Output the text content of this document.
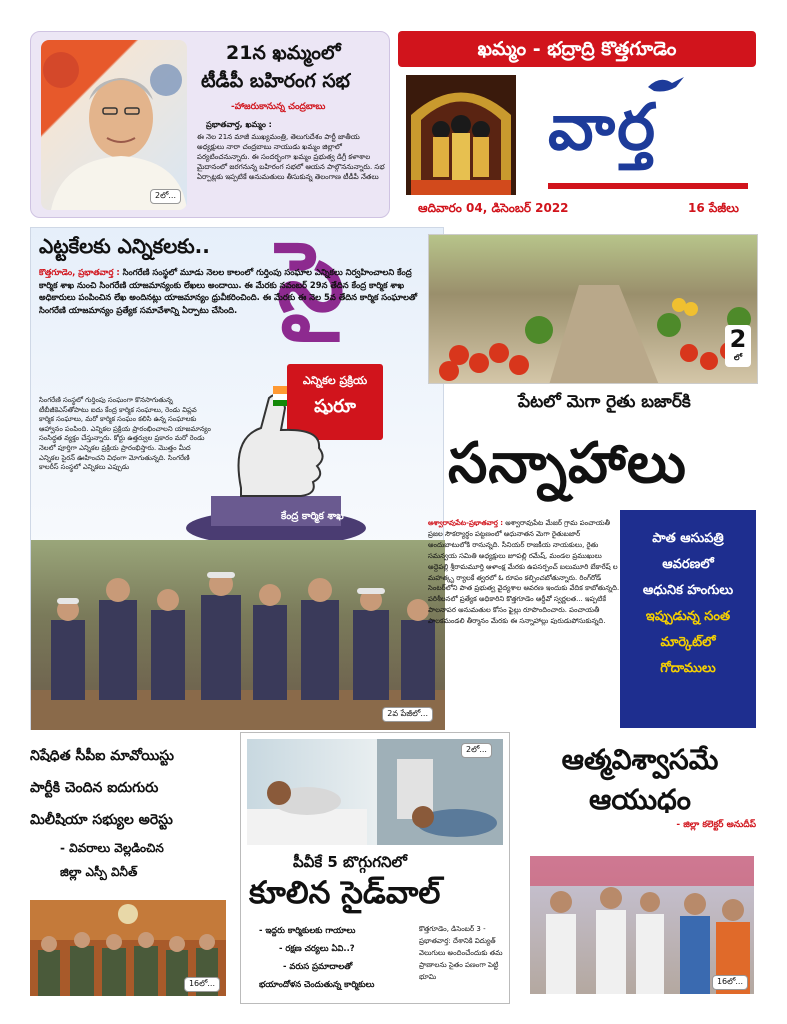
2లో...
21న ఖమ్మంలో
టీడీపీ బహిరంగ సభ
-హాజరుకానున్న చంద్రబాబు
ప్రభాతవార్త, ఖమ్మం :
ఈ నెల 21న మాజీ ముఖ్యమంత్రి, తెలుగుదేశం పార్టీ జాతీయ అధ్యక్షులు నారా చంద్రబాబు నాయుడు ఖమ్మం జిల్లాలో పర్యటించనున్నారు. ఈ సందర్భంగా ఖమ్మం ప్రభుత్వ డిగ్రీ కళాశాల మైదానంలో జరగనున్న బహిరంగ సభలో ఆయన పాల్గొననున్నారు. సభ ఏర్పాట్లకు ఇప్పటికే అనుమతులు తీసుకున్న తెలంగాణ టీడీపీ నేతలు
ఖమ్మం - భద్రాద్రి కొత్తగూడెం
వార్త
ఆదివారం 04, డిసెంబర్ 2022	16 పేజీలు
ఎట్టకేలకు ఎన్నికలకు.. సై
కొత్తగూడెం, ప్రభాతవార్త : సింగరేణి సంస్థలో మూడు నెలల కాలంలో గుర్తింపు సంఘాల ఎన్నికలు నిర్వహించాలని కేంద్ర కార్మిక శాఖ నుంచి సింగరేణి యాజమాన్యంకు లేఖలు అందాయి. ఈ మేరకు నవంబర్ 29న తేదిన కేంద్ర కార్మిక శాఖ అధికారులు పంపించిన లేఖ అందినట్లు యాజమాన్యం ధ్రువీకరించింది. ఈ మేరకు ఈ నెల 5వ తేదిన కార్మిక సంఘాలతో సింగరేణి యాజమాన్యం ప్రత్యేక సమావేశాన్ని ఏర్పాటు చేసింది.
సింగరేణి సంస్థలో గుర్తింపు సంఘంగా కొనసాగుతున్న టీబీజీకెఎస్‌తోపాటు ఐదు కేంద్ర కార్మిక సంఘాలు, రెండు విప్లవ కార్మిక సంఘాలు, మరో కార్మిక సంఘం కలిసి ఉన్న సంఘాలకు ఆహ్వానం పంపింది. ఎన్నికల ప్రక్రియ ప్రారంభించాలని యాజమాన్యం సంసిద్ధత వ్యక్తం చేస్తున్నారు. కోర్టు ఉత్తర్వుల ప్రకారం మరో రెండు నెలలో పూర్తిగా ఎన్నికల ప్రక్రియ ప్రారంభిస్తారు. మొత్తం మీద ఎన్నికల సైరన్ ఊహించని విధంగా మోగుతున్నది. సింగరేణి కాలరీస్ సంస్థలో ఎన్నికలు ఎప్పుడు
ఎన్నికల ప్రక్రియ
షురూ
కేంద్ర కార్మిక శాఖ
2వ పేజీలో...
2
లో
పేటలో మెగా రైతు బజార్‌కి
సన్నాహాలు
అశ్వారావుపేట-ప్రభాతవార్త : అశ్వారావుపేట మేజర్ గ్రామ పంచాయతీ ప్రజల సౌకర్యార్థం పట్టణంలో అధునాతన మెగా రైతుబజార్ అందుబాటులోకి రానున్నది. సీనియర్ రాజకీయ నాయకులు, రైతు సమన్వయ సమితి అధ్యక్షులు జూపల్లి రమేష్, మండల ప్రముఖులు అద్దెపల్లి శ్రీరామమూర్తి ఆళాంక్ష మేరకు ఉపసర్పంచ్ బలుమూరి బేకారేష్ ల మహత్కృ ర్యాలకే త్వరలో ఓ రూపం కల్పించబోతున్నారు. రింగ్‌రోడ్ సెంటర్‌లోని పాత ప్రభుత్వ వైద్యశాల ఆవరణ ఇందుకు వేదిక కాబోతున్నది. పరిశీలనలో ప్రత్యేక అధికారిని కొత్తగూడెం ఆర్డీవో స్వర్ణలత... ఇప్పటికే పాలనాపర అనుమతుల కోసం ఫైల్లు రూపొందించారు. పంచాయతీ పాలకమండలి తీర్మానం మేరకు ఈ సన్నాహాల్లు పురుడుపోసుకున్నది.
పాత ఆసుపత్రి
ఆవరణలో
ఆధునిక హంగులు
ఇప్పుడున్న సంత
మార్కెట్‌లో
గోదాములు
నిషేధిత సీపీఐ మావోయిస్టు
పార్టీకి చెందిన ఐదుగురు
మిలీషియా సభ్యుల అరెస్టు
- వివరాలు వెల్లడించిన
జిల్లా ఎస్పీ వినీత్
16లో...
2లో...
పీవీకే 5 బొగ్గుగనిలో
కూలిన సైడ్‌వాల్
- ఇద్దరు కార్మికులకు గాయాలు
- రక్షణ చర్యలు ఏవి..?
- వరుస ప్రమాదాలతో
భయాందోళన చెందుతున్న కార్మికులు
కొత్తగూడెం, డిసెంబర్ 3 - ప్రభాతవార్త: దేశానికి విద్యుత్ వెలుగులు అందించేందుకు తమ ప్రాణాలను సైతం పణంగా పెట్టి భూమి
ఆత్మవిశ్వాసమే
ఆయుధం
- జిల్లా కలెక్టర్ అనుదీప్
16లో...
